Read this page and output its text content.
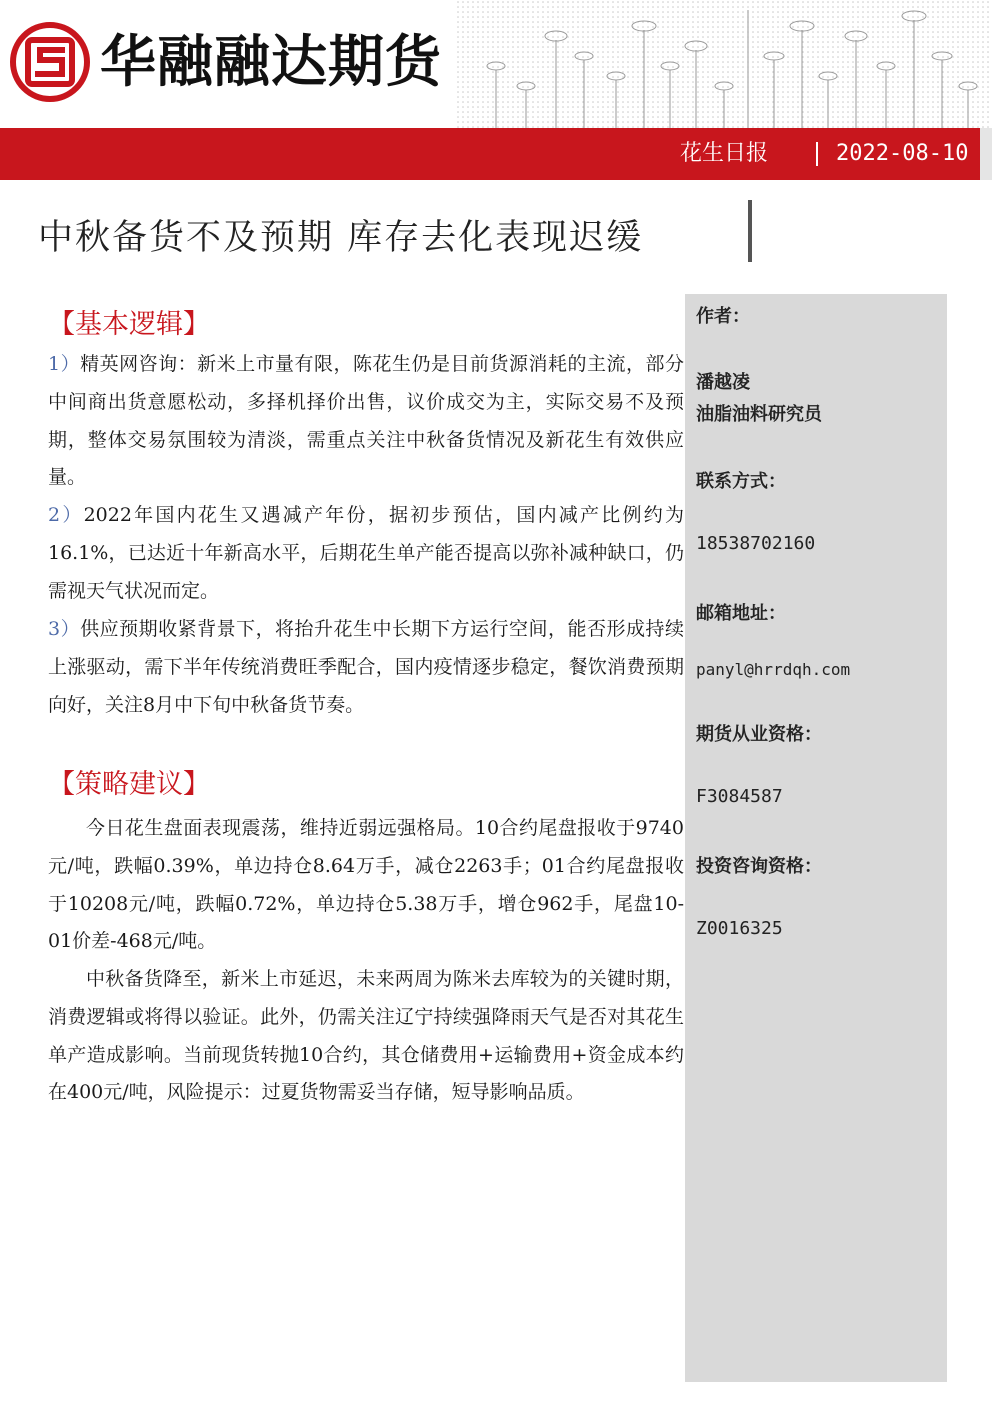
华融融达期货
花生日报	2022-08-10
中秋备货不及预期 库存去化表现迟缓
作者：
潘越凌
油脂油料研究员
联系方式：
18538702160
邮箱地址：
panyl@hrrdqh.com
期货从业资格：
F3084587
投资咨询资格：
Z0016325
【基本逻辑】
1）精英网咨询：新米上市量有限，陈花生仍是目前货源消耗的主流，部分中间商出货意愿松动，多择机择价出售，议价成交为主，实际交易不及预期，整体交易氛围较为清淡，需重点关注中秋备货情况及新花生有效供应量。
2）2022年国内花生又遇减产年份，据初步预估，国内减产比例约为16.1%，已达近十年新高水平，后期花生单产能否提高以弥补减种缺口，仍需视天气状况而定。
3）供应预期收紧背景下，将抬升花生中长期下方运行空间，能否形成持续上涨驱动，需下半年传统消费旺季配合，国内疫情逐步稳定，餐饮消费预期向好，关注8月中下旬中秋备货节奏。
【策略建议】
今日花生盘面表现震荡，维持近弱远强格局。10合约尾盘报收于9740元/吨，跌幅0.39%，单边持仓8.64万手，减仓2263手；01合约尾盘报收于10208元/吨，跌幅0.72%，单边持仓5.38万手，增仓962手，尾盘10-01价差-468元/吨。
中秋备货降至，新米上市延迟，未来两周为陈米去库较为的关键时期，消费逻辑或将得以验证。此外，仍需关注辽宁持续强降雨天气是否对其花生单产造成影响。当前现货转抛10合约，其仓储费用+运输费用+资金成本约在400元/吨，风险提示：过夏货物需妥当存储，短导影响品质。
